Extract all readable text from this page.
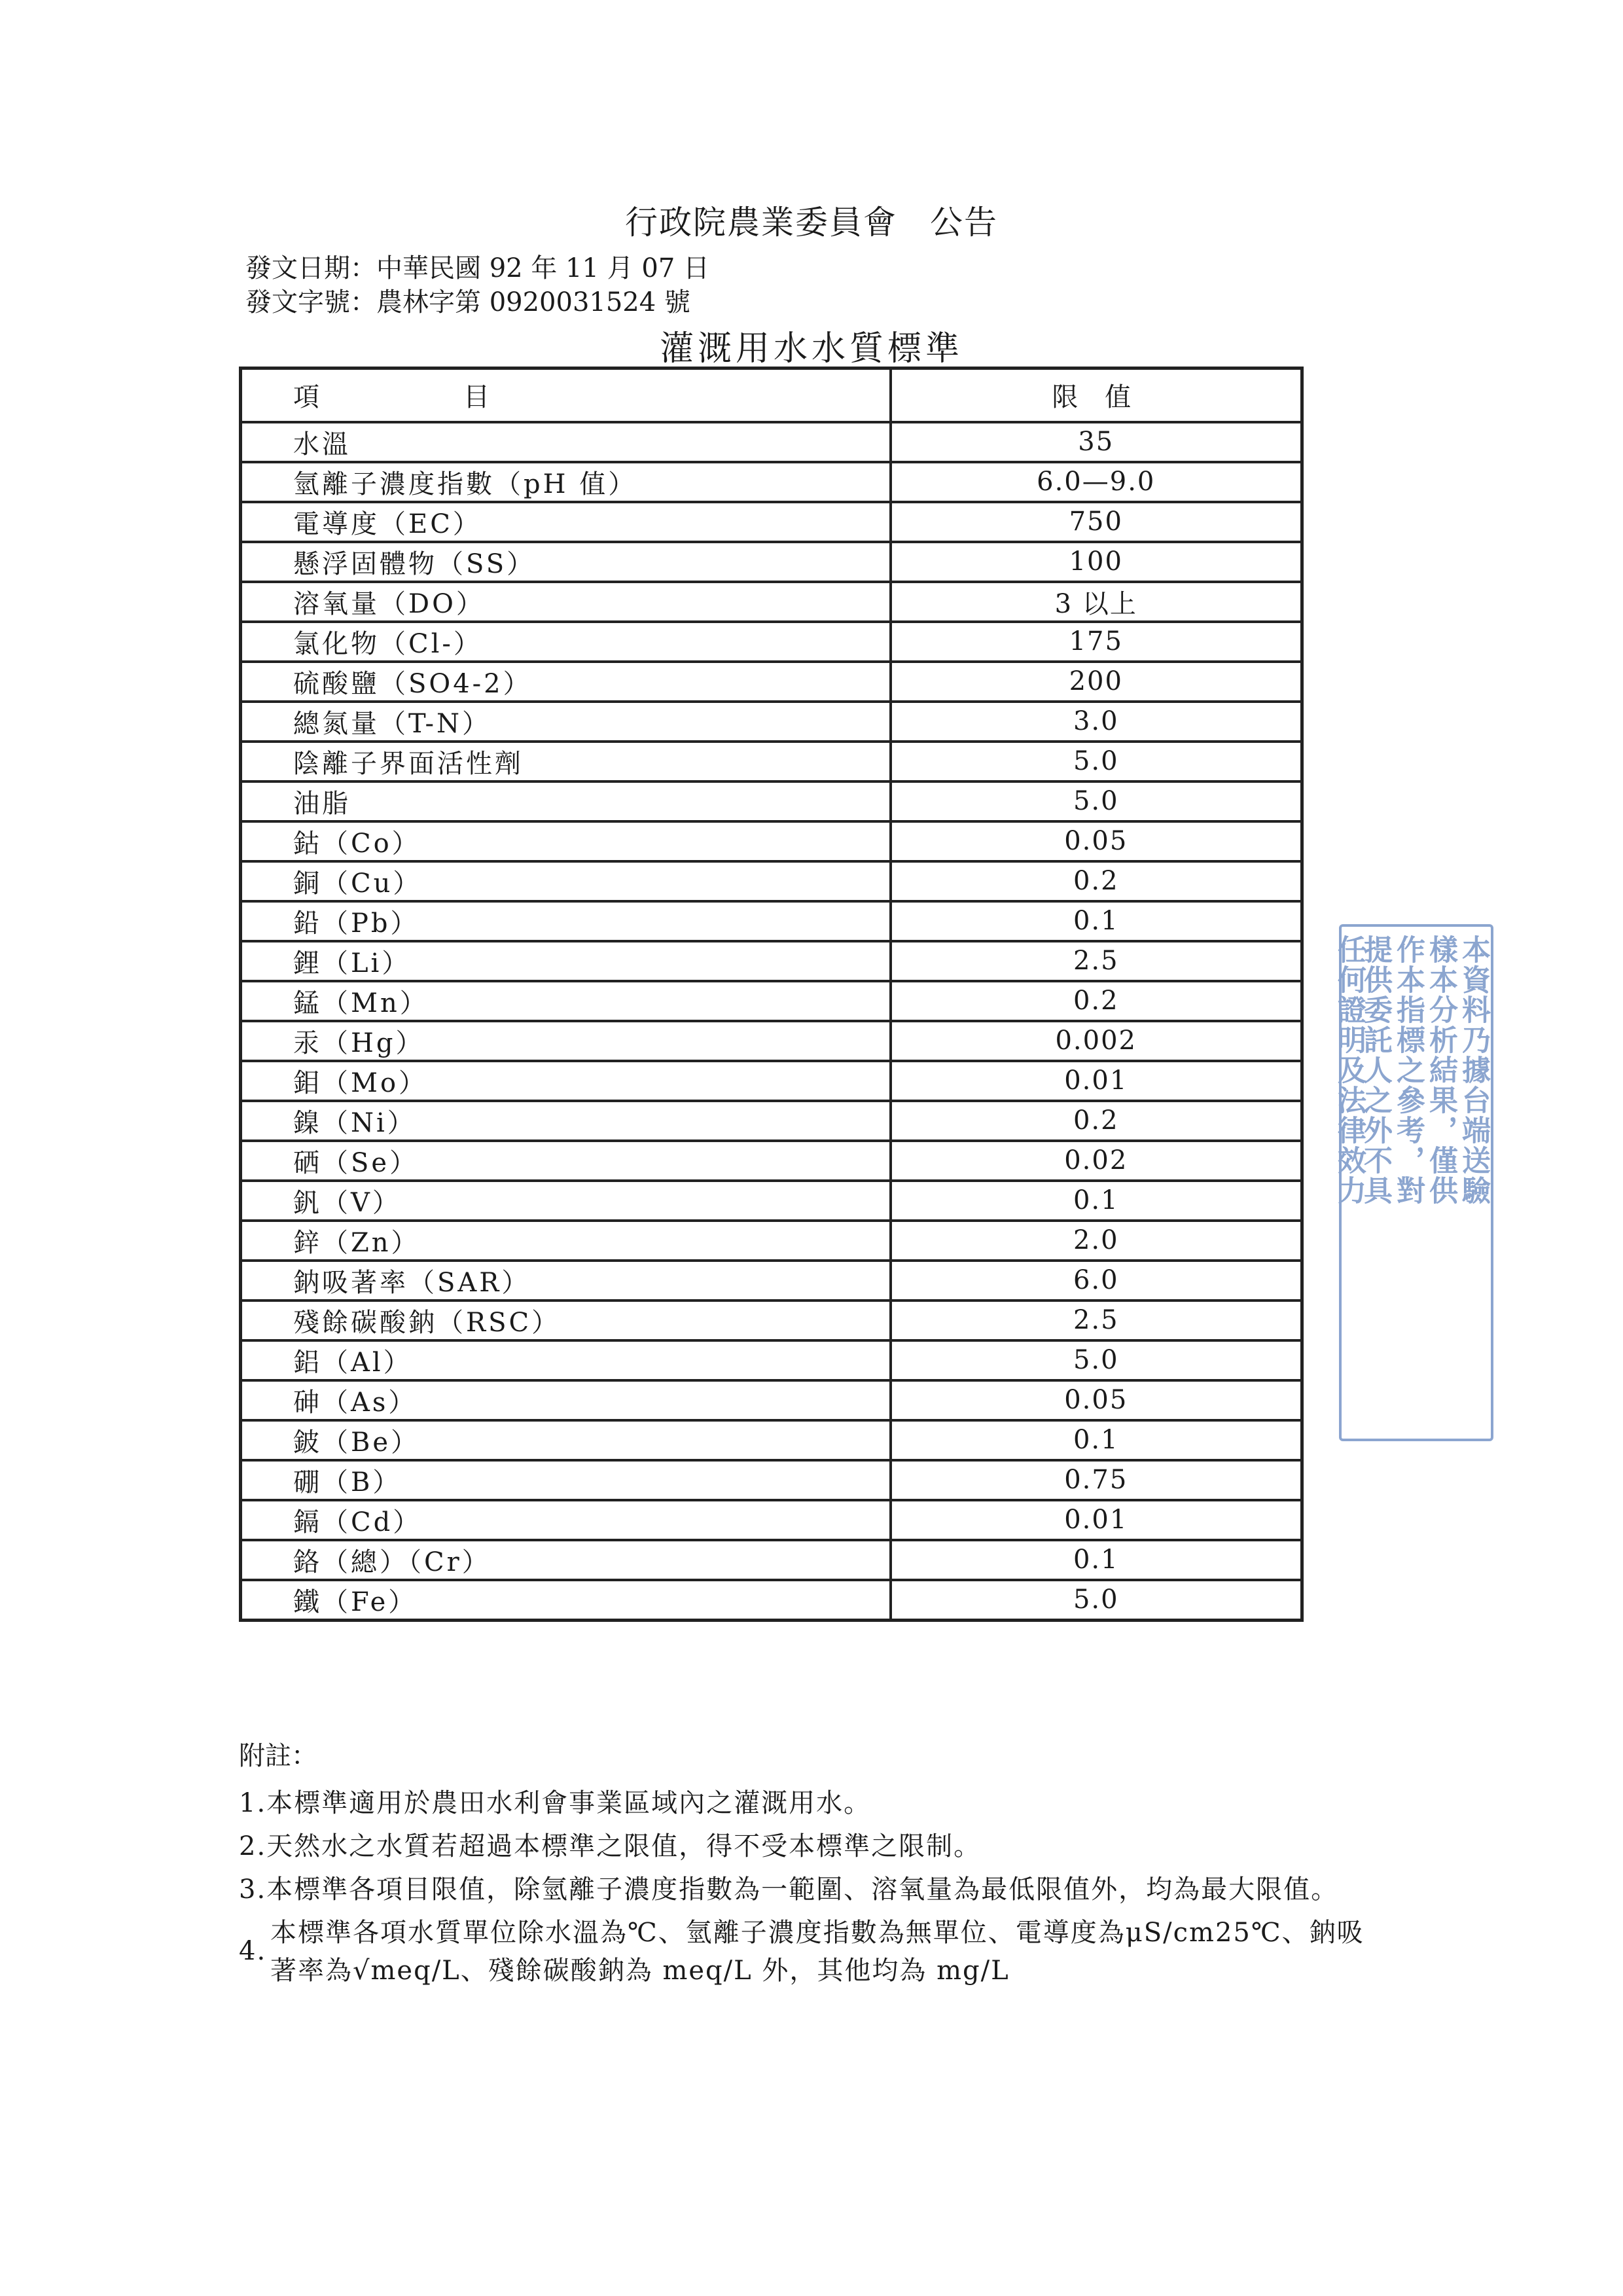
行政院農業委員會 公告
發文日期：中華民國 92 年 11 月 07 日
發文字號：農林字第 0920031524 號
灌溉用水水質標準
項 目	限 值
水溫	35
氫離子濃度指數（pH 值）	6.0—9.0
電導度（EC）	750
懸浮固體物（SS）	100
溶氧量（DO）	3 以上
氯化物（Cl-）	175
硫酸鹽（SO4-2）	200
總氮量（T-N）	3.0
陰離子界面活性劑	5.0
油脂	5.0
鈷（Co）	0.05
銅（Cu）	0.2
鉛（Pb）	0.1
鋰（Li）	2.5
錳（Mn）	0.2
汞（Hg）	0.002
鉬（Mo）	0.01
鎳（Ni）	0.2
硒（Se）	0.02
釩（V）	0.1
鋅（Zn）	2.0
鈉吸著率（SAR）	6.0
殘餘碳酸鈉（RSC）	2.5
鋁（Al）	5.0
砷（As）	0.05
鈹（Be）	0.1
硼（B）	0.75
鎘（Cd）	0.01
鉻（總）（Cr）	0.1
鐵（Fe）	5.0
附註：
1.本標準適用於農田水利會事業區域內之灌溉用水。
2.天然水之水質若超過本標準之限值，得不受本標準之限制。
3.本標準各項目限值，除氫離子濃度指數為一範圍、溶氧量為最低限值外，均為最大限值。
4.
本標準各項水質單位除水溫為℃、氫離子濃度指數為無單位、電導度為μS/cm25℃、鈉吸
著率為√meq/L、殘餘碳酸鈉為 meq/L 外，其他均為 mg/L
本資料乃據台端送驗
樣本分析結果，僅供
作本指標之參考，對
提供委託人之外不具
任何證明及法律效力
